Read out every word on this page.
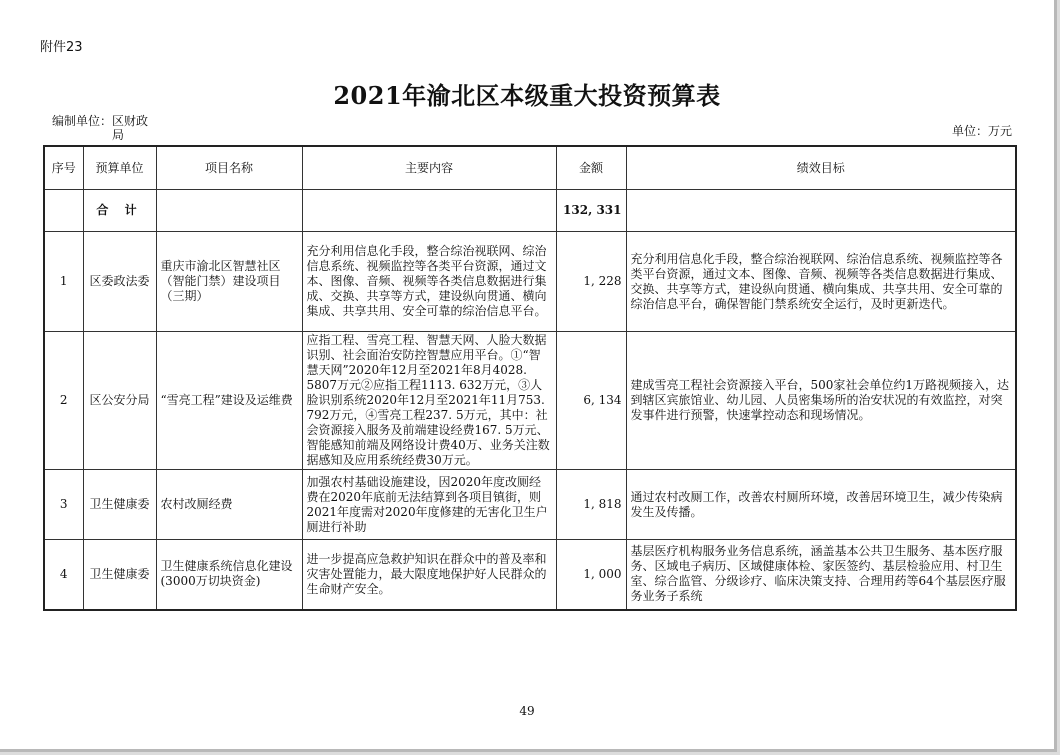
附件23
2021年渝北区本级重大投资预算表
编制单位：区财政局	单位：万元
序号	预算单位	项目名称	主要内容	金额	绩效目标
	合 计			132, 331	
1	区委政法委	重庆市渝北区智慧社区（智能门禁）建设项目（三期）	充分利用信息化手段，整合综治视联网、综治信息系统、视频监控等各类平台资源，通过文本、图像、音频、视频等各类信息数据进行集成、交换、共享等方式，建设纵向贯通、横向集成、共享共用、安全可靠的综治信息平台。	1, 228	充分利用信息化手段，整合综治视联网、综治信息系统、视频监控等各类平台资源，通过文本、图像、音频、视频等各类信息数据进行集成、交换、共享等方式，建设纵向贯通、横向集成、共享共用、安全可靠的综治信息平台，确保智能门禁系统安全运行，及时更新迭代。
2	区公安分局	“雪亮工程”建设及运维费	应指工程、雪亮工程、智慧天网、人脸大数据识别、社会面治安防控智慧应用平台。①“智慧天网”2020年12月至2021年8月4028. 5807万元②应指工程1113. 632万元，③人脸识别系统2020年12月至2021年11月753. 792万元，④雪亮工程237. 5万元，其中：社会资源接入服务及前端建设经费167. 5万元、智能感知前端及网络设计费40万、业务关注数据感知及应用系统经费30万元。	6, 134	建成雪亮工程社会资源接入平台，500家社会单位约1万路视频接入，达到辖区宾旅馆业、幼儿园、人员密集场所的治安状况的有效监控，对突发事件进行预警，快速掌控动态和现场情况。
3	卫生健康委	农村改厕经费	加强农村基础设施建设，因2020年度改厕经费在2020年底前无法结算到各项目镇街，则2021年度需对2020年度修建的无害化卫生户厕进行补助	1, 818	通过农村改厕工作，改善农村厕所环境，改善居环境卫生，减少传染病发生及传播。
4	卫生健康委	卫生健康系统信息化建设(3000万切块资金)	进一步提高应急救护知识在群众中的普及率和灾害处置能力，最大限度地保护好人民群众的生命财产安全。	1, 000	基层医疗机构服务业务信息系统，涵盖基本公共卫生服务、基本医疗服务、区域电子病历、区域健康体检、家医签约、基层检验应用、村卫生室、综合监管、分级诊疗、临床决策支持、合理用药等64个基层医疗服务业务子系统
49
